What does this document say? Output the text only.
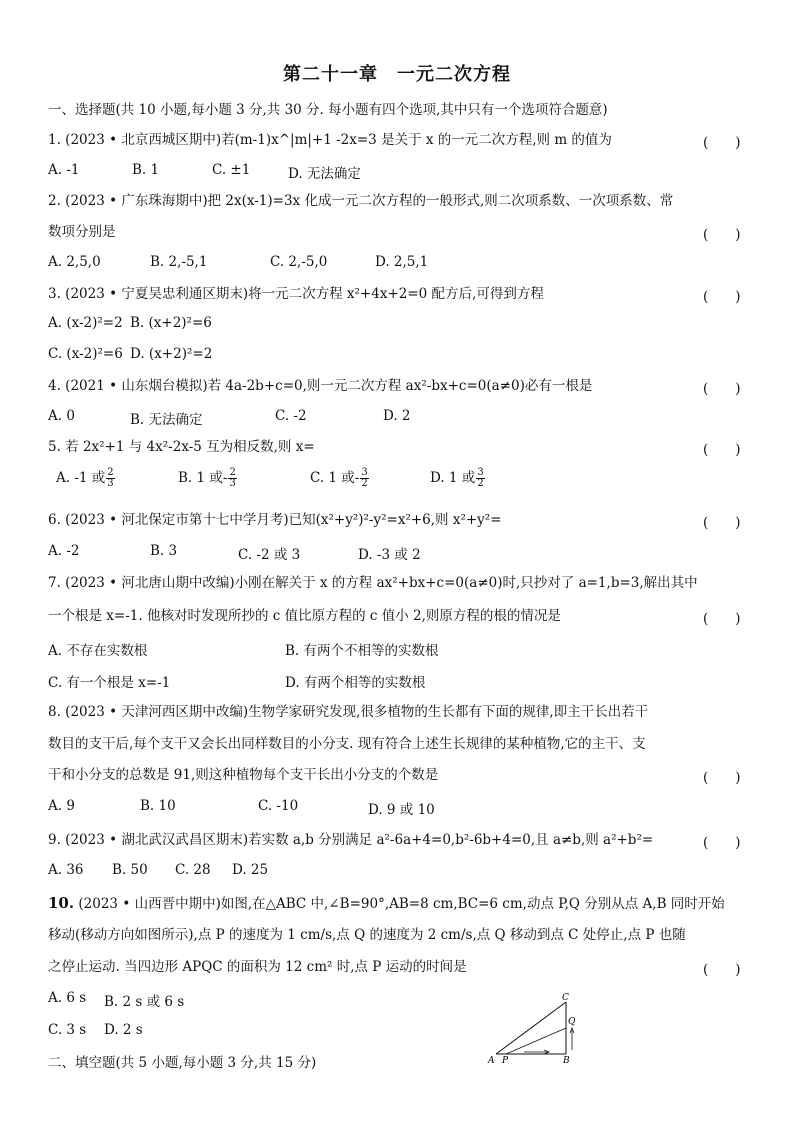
第二十一章　一元二次方程
一、选择题(共 10 小题,每小题 3 分,共 30 分. 每小题有四个选项,其中只有一个选项符合题意)
1. (2023 • 北京西城区期中)若(m-1)x^|m|+1 -2x=3 是关于 x 的一元二次方程,则 m 的值为	(　　)
A. -1	B. 1	C. ±1	D. 无法确定
2. (2023 • 广东珠海期中)把 2x(x-1)=3x 化成一元二次方程的一般形式,则二次项系数、一次项系数、常
数项分别是	(　　)
A. 2,5,0	B. 2,-5,1	C. 2,-5,0	D. 2,5,1
3. (2023 • 宁夏吴忠利通区期末)将一元二次方程 x²+4x+2=0 配方后,可得到方程	(　　)
A. (x-2)²=2 B. (x+2)²=6
C. (x-2)²=6 D. (x+2)²=2
4. (2021 • 山东烟台模拟)若 4a-2b+c=0,则一元二次方程 ax²-bx+c=0(a≠0)必有一根是	(　　)
A. 0	B. 无法确定	C. -2	D. 2
5. 若 2x²+1 与 4x²-2x-5 互为相反数,则 x=	(　　)
A. -1 或 $\frac{2}{3}$	B. 1 或- $\frac{2}{3}$	C. 1 或- $\frac{3}{2}$	D. 1 或 $\frac{3}{2}$
6. (2023 • 河北保定市第十七中学月考)已知(x²+y²)²-y²=x²+6,则 x²+y²=	(　　)
A. -2	B. 3	C. -2 或 3	D. -3 或 2
7. (2023 • 河北唐山期中改编)小刚在解关于 x 的方程 ax²+bx+c=0(a≠0)时,只抄对了 a=1,b=3,解出其中
一个根是 x=-1. 他核对时发现所抄的 c 值比原方程的 c 值小 2,则原方程的根的情况是	(　　)
A. 不存在实数根	B. 有两个不相等的实数根
C. 有一个根是 x=-1	D. 有两个相等的实数根
8. (2023 • 天津河西区期中改编)生物学家研究发现,很多植物的生长都有下面的规律,即主干长出若干
数目的支干后,每个支干又会长出同样数目的小分支. 现有符合上述生长规律的某种植物,它的主干、支
干和小分支的总数是 91,则这种植物每个支干长出小分支的个数是	(　　)
A. 9	B. 10	C. -10	D. 9 或 10
9. (2023 • 湖北武汉武昌区期末)若实数 a,b 分别满足 a²-6a+4=0,b²-6b+4=0,且 a≠b,则 a²+b²=	(　　)
A. 36 B. 50 C. 28 D. 25
10. (2023 • 山西晋中期中)如图,在△ABC 中,∠B=90°,AB=8 cm,BC=6 cm,动点 P,Q 分别从点 A,B 同时开始
移动(移动方向如图所示),点 P 的速度为 1 cm/s,点 Q 的速度为 2 cm/s,点 Q 移动到点 C 处停止,点 P 也随
之停止运动. 当四边形 APQC 的面积为 12 cm² 时,点 P 运动的时间是	(　　)
A. 6 s B. 2 s 或 6 s
C. 3 s D. 2 s
A P	B
C
Q
二、填空题(共 5 小题,每小题 3 分,共 15 分)
